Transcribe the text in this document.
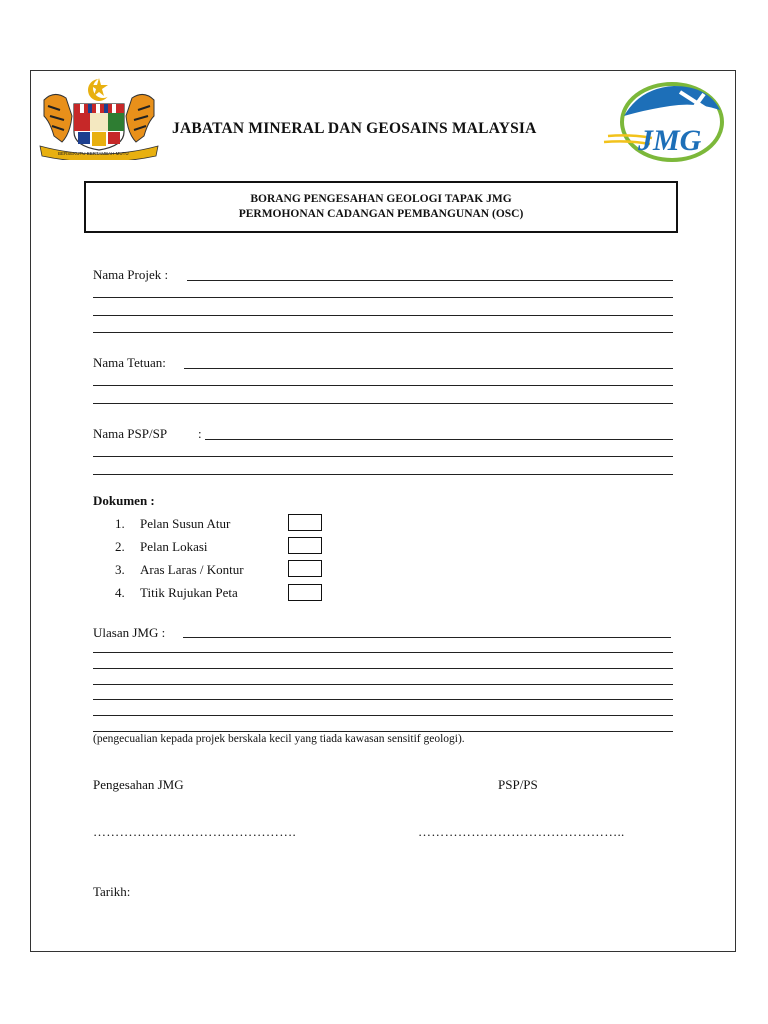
BERSEKUTU BERTAMBAH MUTU
JABATAN MINERAL DAN GEOSAINS MALAYSIA	JMG
BORANG PENGESAHAN GEOLOGI TAPAK JMG
PERMOHONAN CADANGAN PEMBANGUNAN (OSC)
Nama Projek :
Nama Tetuan:
Nama PSP/SP :
Dokumen :
1. Pelan Susun Atur
2. Pelan Lokasi
3. Aras Laras / Kontur
4. Titik Rujukan Peta
Ulasan JMG :
(pengecualian kepada projek berskala kecil yang tiada kawasan sensitif geologi).
Pengesahan JMG	PSP/PS
……………………………………….	………………………………………..
Tarikh:
